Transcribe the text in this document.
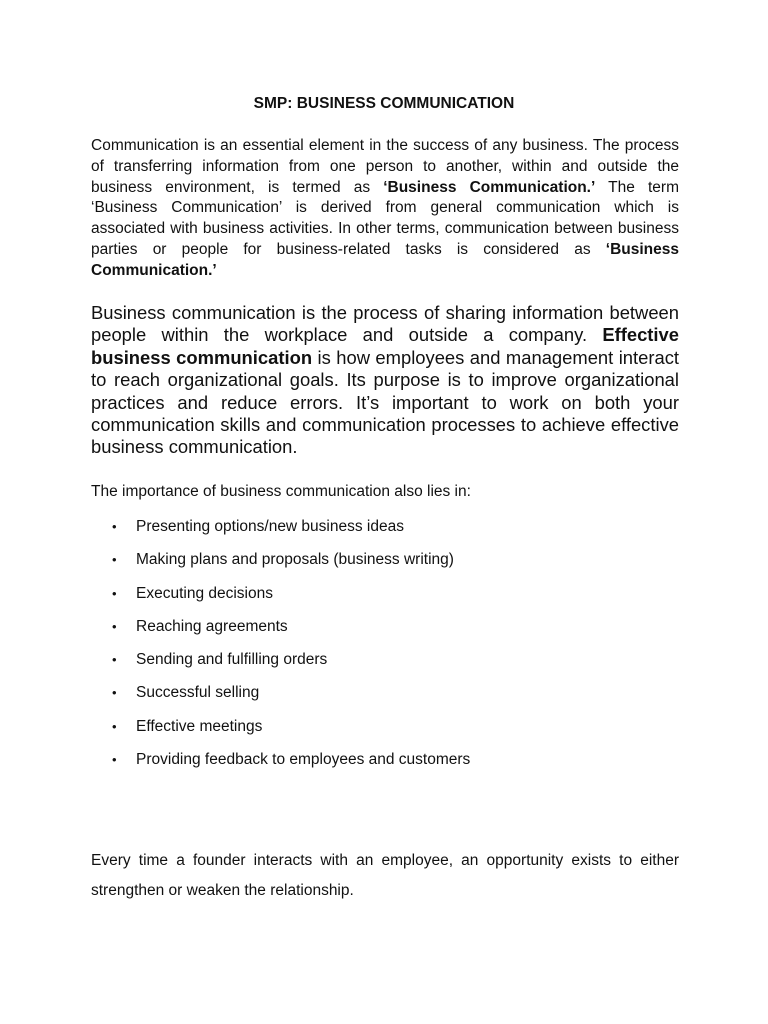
SMP: BUSINESS COMMUNICATION

Communication is an essential element in the success of any business. The process of transferring information from one person to another, within and outside the business environment, is termed as ‘Business Communication.’ The term ‘Business Communication’ is derived from general communication which is associated with business activities. In other terms, communication between business parties or people for business-related tasks is considered as ‘Business Communication.’

Business communication is the process of sharing information between people within the workplace and outside a company. Effective business communication is how employees and management interact to reach organizational goals. Its purpose is to improve organizational practices and reduce errors. It’s important to work on both your communication skills and communication processes to achieve effective business communication.

The importance of business communication also lies in:
• Presenting options/new business ideas
• Making plans and proposals (business writing)
• Executing decisions
• Reaching agreements
• Sending and fulfilling orders
• Successful selling
• Effective meetings
• Providing feedback to employees and customers

Every time a founder interacts with an employee, an opportunity exists to either strengthen or weaken the relationship.
